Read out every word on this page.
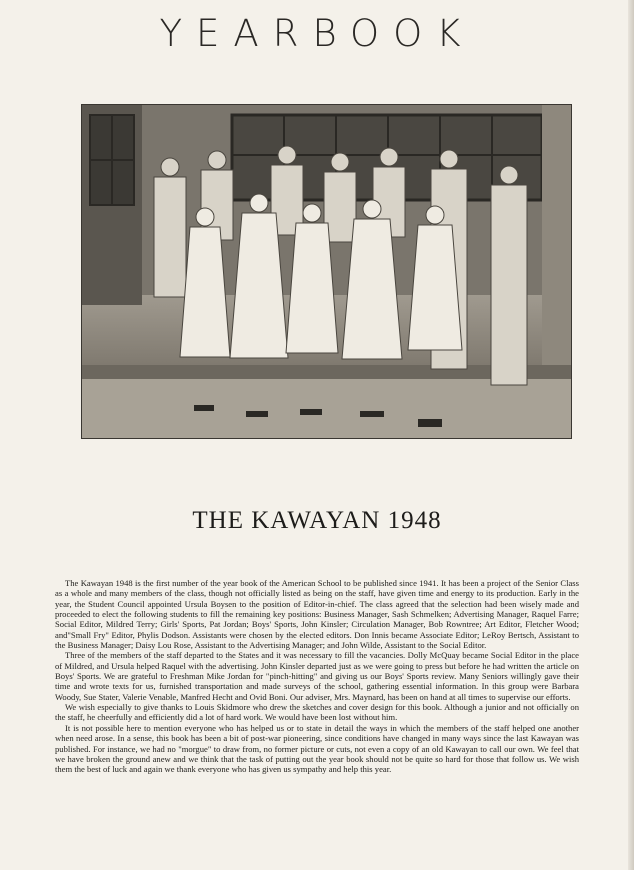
YEARBOOK
THE KAWAYAN 1948

The Kawayan 1948 is the first number of the year book of the American School to be published since 1941. It has been a project of the Senior Class as a whole and many members of the class, though not officially listed as being on the staff, have given time and energy to its production. Early in the year, the Student Council appointed Ursula Boysen to the position of Editor-in-chief. The class agreed that the selection had been wisely made and proceeded to elect the following students to fill the remaining key positions: Business Manager, Sash Schmelken; Advertising Manager, Raquel Farre; Social Editor, Mildred Terry; Girls' Sports, Pat Jordan; Boys' Sports, John Kinsler; Circulation Manager, Bob Rowntree; Art Editor, Fletcher Wood; and"Small Fry" Editor, Phylis Dodson. Assistants were chosen by the elected editors. Don Innis became Associate Editor; LeRoy Bertsch, Assistant to the Business Manager; Daisy Lou Rose, Assistant to the Advertising Manager; and John Wilde, Assistant to the Social Editor.

Three of the members of the staff departed to the States and it was necessary to fill the vacancies. Dolly McQuay became Social Editor in the place of Mildred, and Ursula helped Raquel with the advertising. John Kinsler departed just as we were going to press but before he had written the article on Boys' Sports. We are grateful to Freshman Mike Jordan for "pinch-hitting" and giving us our Boys' Sports review. Many Seniors willingly gave their time and wrote texts for us, furnished transportation and made surveys of the school, gathering essential information. In this group were Barbara Woody, Sue Stater, Valerie Venable, Manfred Hecht and Ovid Boni. Our adviser, Mrs. Maynard, has been on hand at all times to supervise our efforts.

We wish especially to give thanks to Louis Skidmore who drew the sketches and cover design for this book. Although a junior and not officially on the staff, he cheerfully and efficiently did a lot of hard work. We would have been lost without him.

It is not possible here to mention everyone who has helped us or to state in detail the ways in which the members of the staff helped one another when need arose. In a sense, this book has been a bit of post-war pioneering, since conditions have changed in many ways since the last Kawayan was published. For instance, we had no "morgue" to draw from, no former picture or cuts, not even a copy of an old Kawayan to call our own. We feel that we have broken the ground anew and we think that the task of putting out the year book should not be quite so hard for those that follow us. We wish them the best of luck and again we thank everyone who has given us sympathy and help this year.
